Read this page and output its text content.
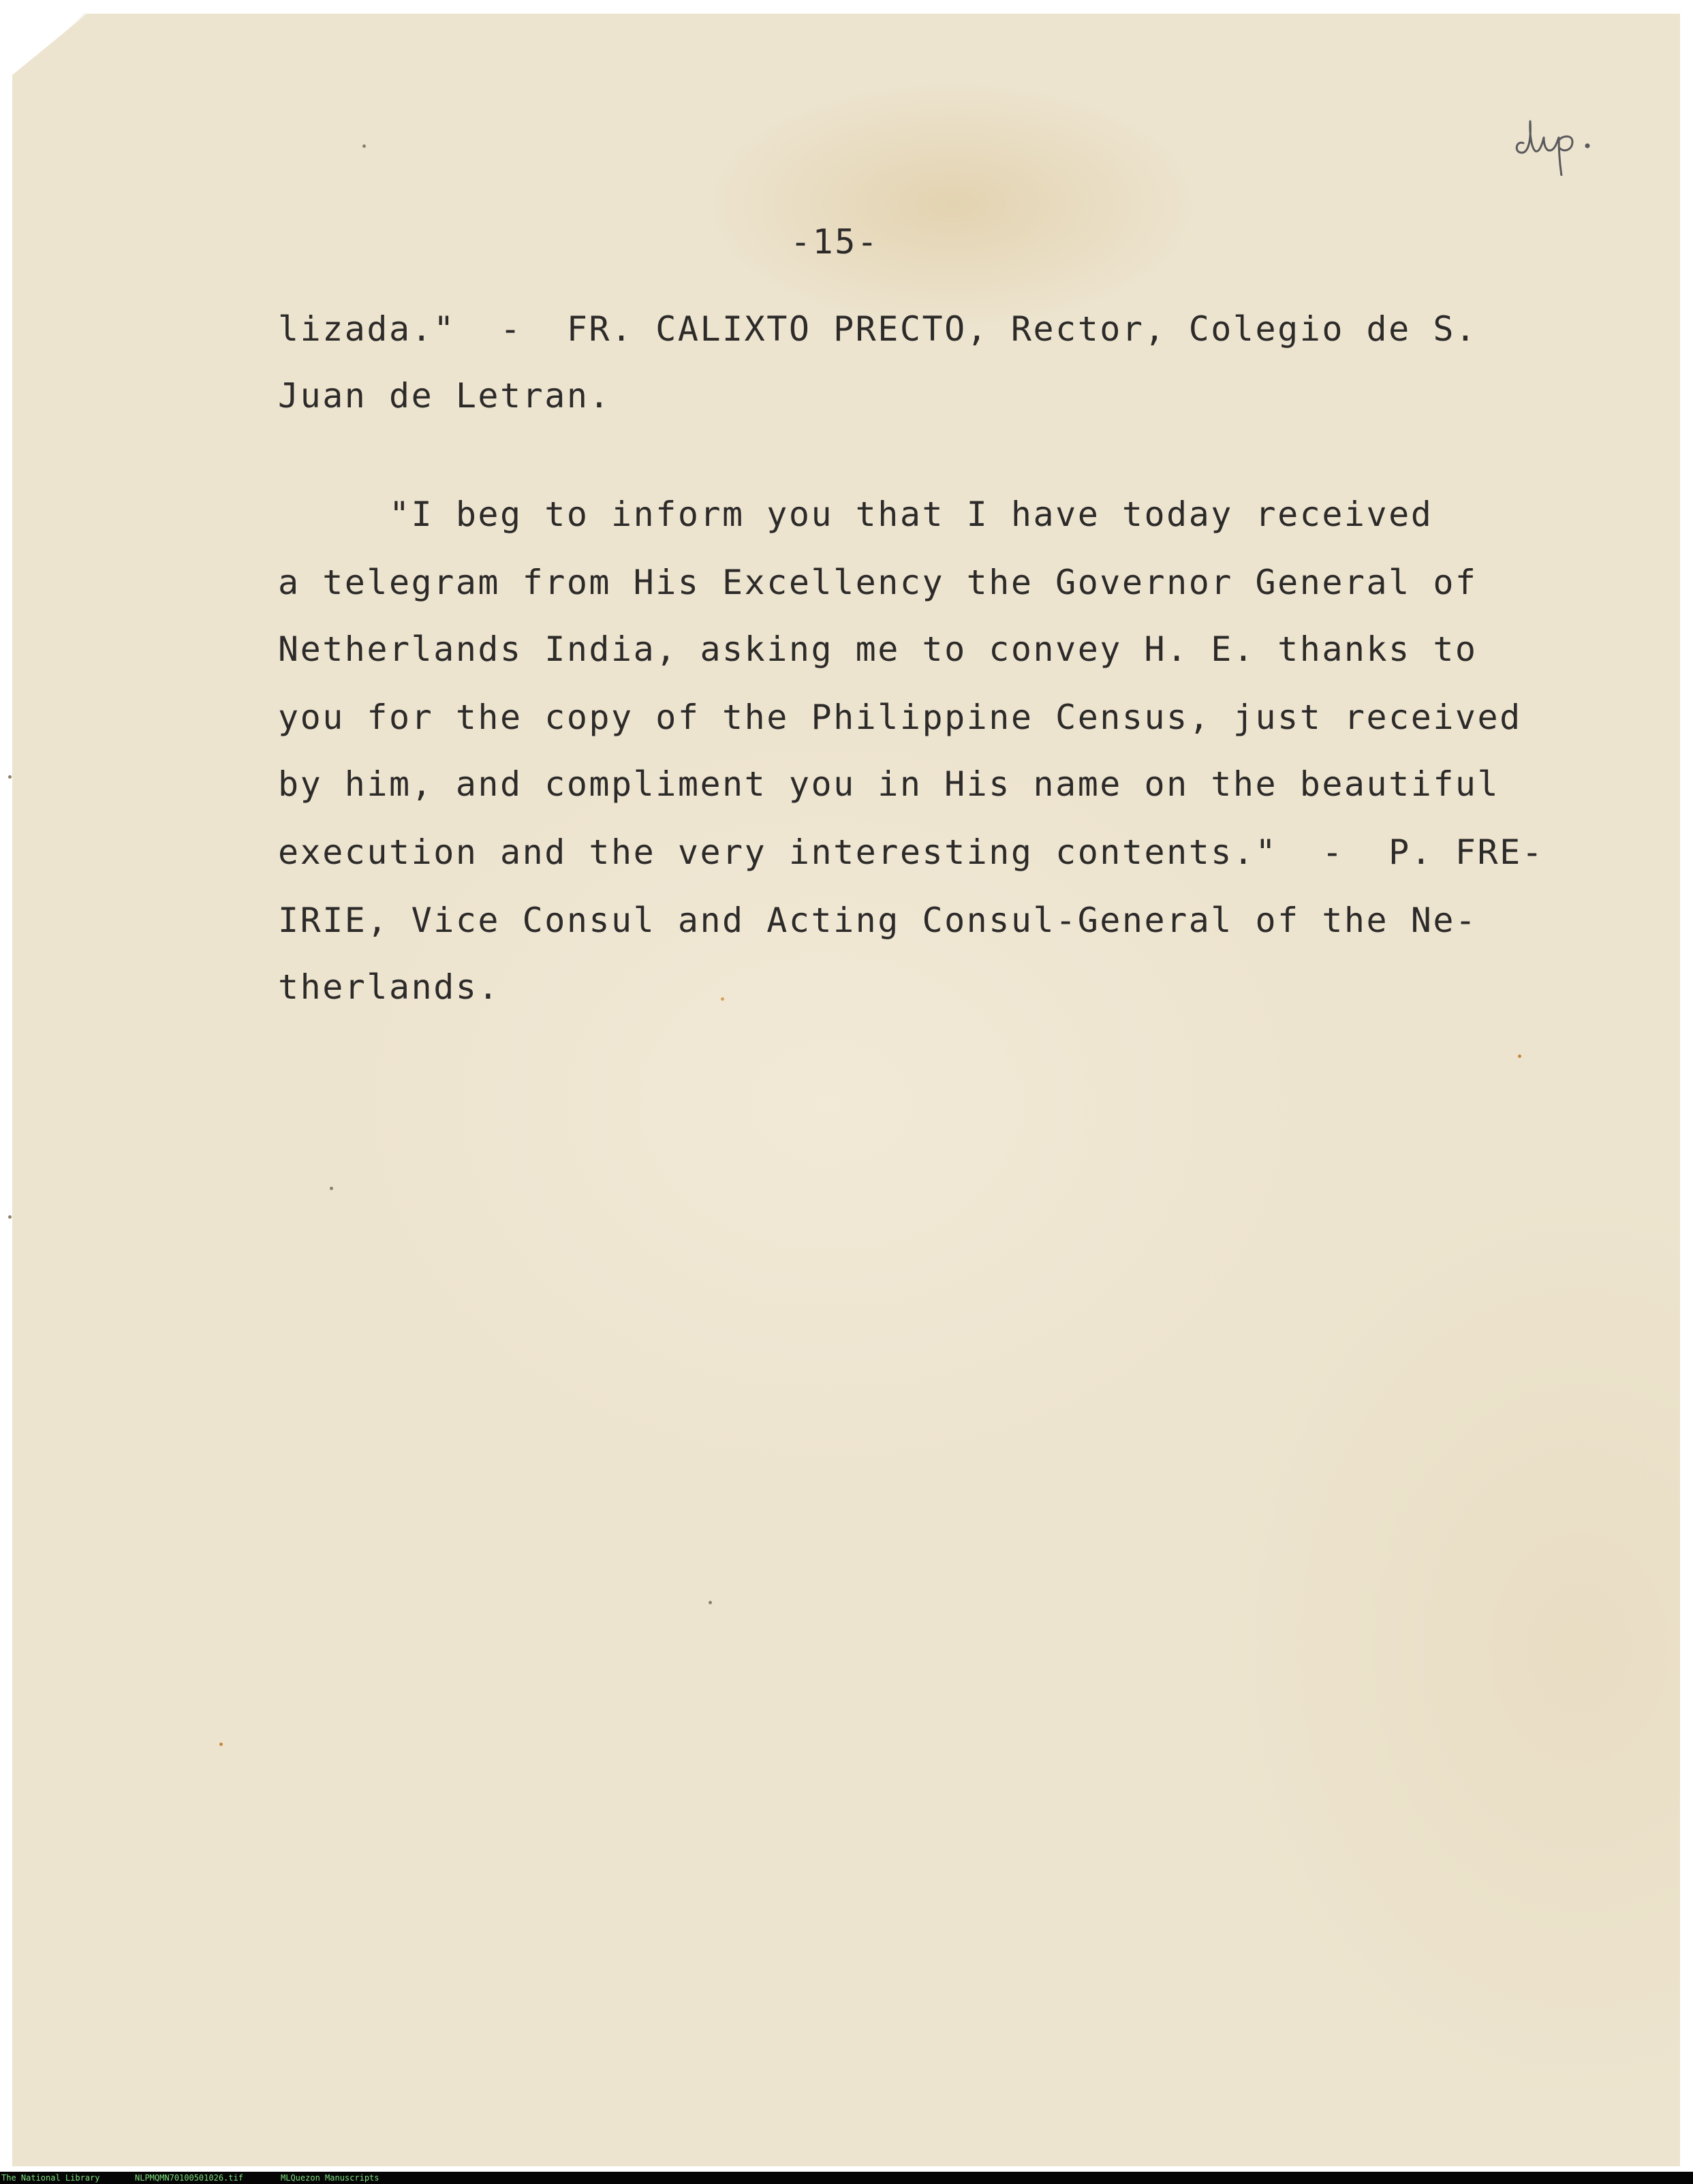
-15-
lizada."  -  FR. CALIXTO PRECTO, Rector, Colegio de S.
Juan de Letran.
"I beg to inform you that I have today received
a telegram from His Excellency the Governor General of
Netherlands India, asking me to convey H. E. thanks to
you for the copy of the Philippine Census, just received
by him, and compliment you in His name on the beautiful
execution and the very interesting contents."  -  P. FRE-
IRIE, Vice Consul and Acting Consul-General of the Ne-
therlands.
The National Library	NLPMQMN70100501026.tif	MLQuezon Manuscripts
